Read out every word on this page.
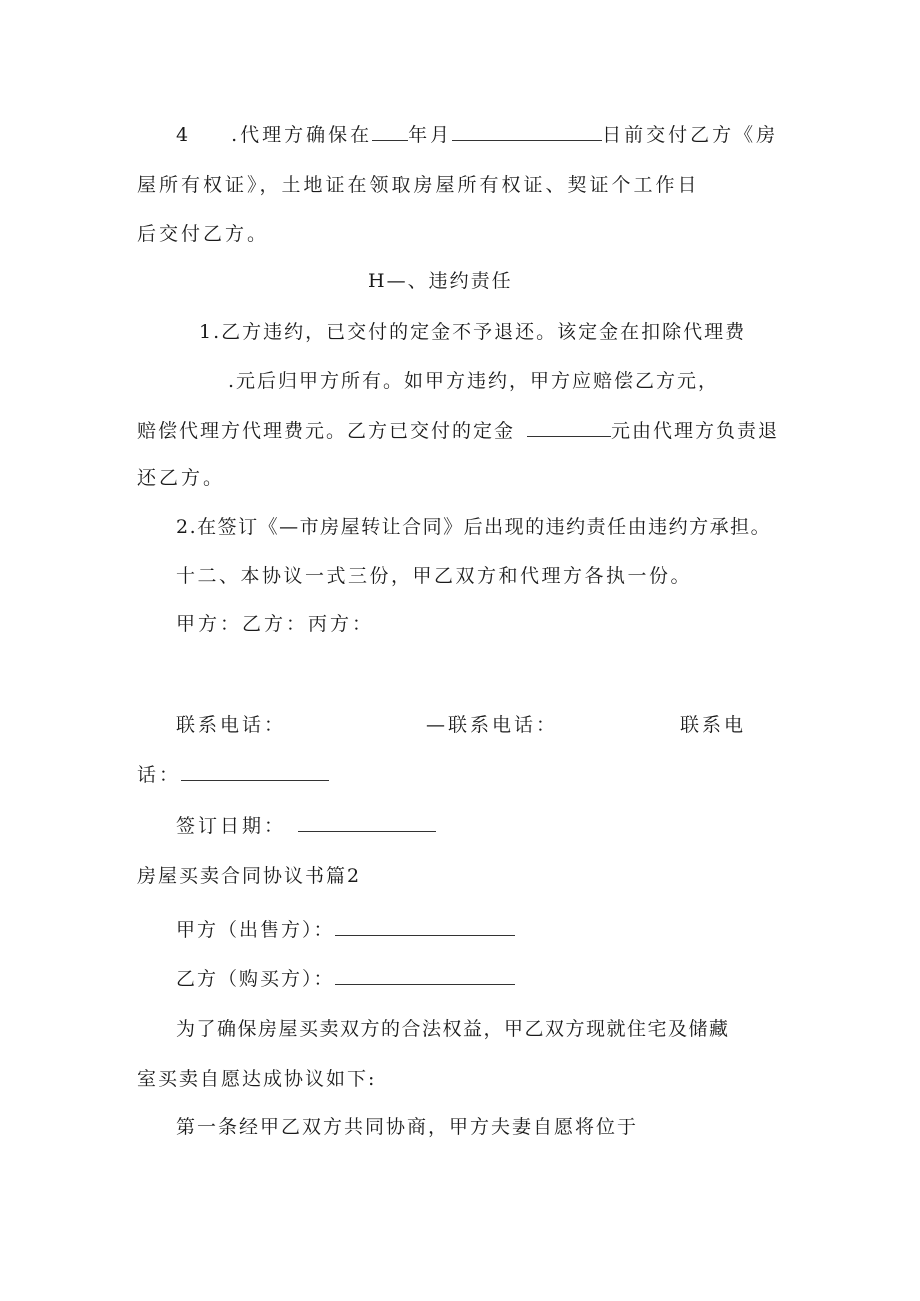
4 .代理方确保在 年月	日前交付乙方《房
屋所有权证》，土地证在领取房屋所有权证、契证个工作日
后交付乙方。
H—、违约责任
1.乙方违约，已交付的定金不予退还。该定金在扣除代理费
.元后归甲方所有。如甲方违约，甲方应赔偿乙方元，
赔偿代理方代理费元。乙方已交付的定金	元由代理方负责退
还乙方。
2.在签订《—市房屋转让合同》后出现的违约责任由违约方承担。
十二、本协议一式三份，甲乙双方和代理方各执一份。
甲方：乙方：丙方：
联系电话：	—联系电话：	联系电
话：
签订日期：
房屋买卖合同协议书篇2
甲方（出售方）：
乙方（购买方）：
为了确保房屋买卖双方的合法权益，甲乙双方现就住宅及储藏
室买卖自愿达成协议如下:
第一条经甲乙双方共同协商，甲方夫妻自愿将位于
